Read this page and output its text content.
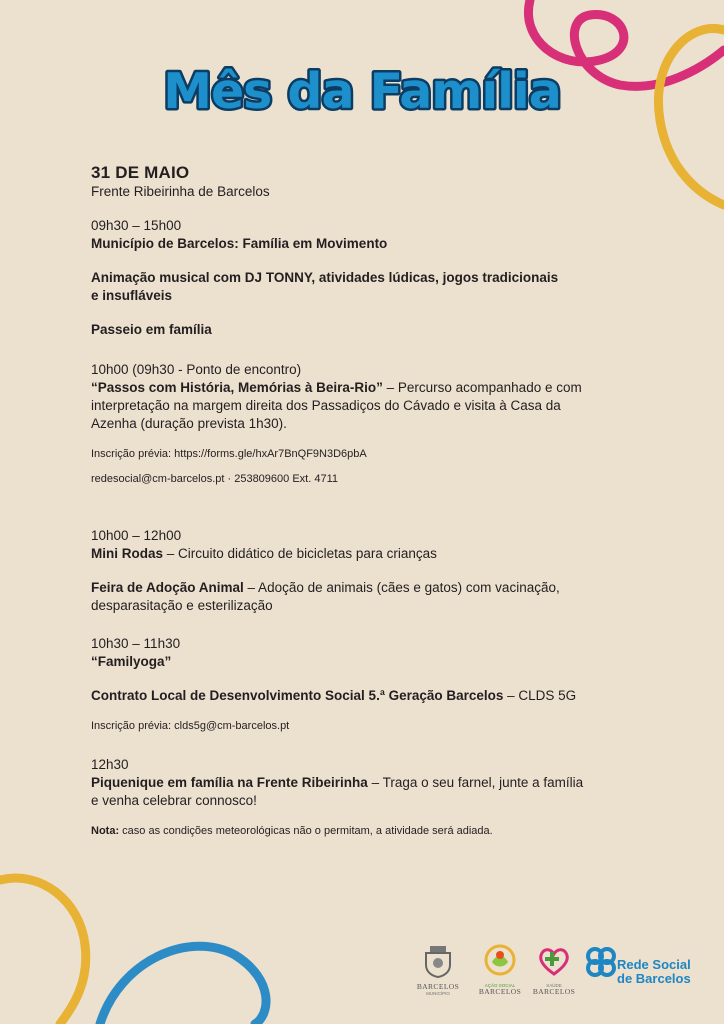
Mês da Família

31 DE MAIO

Frente Ribeirinha de Barcelos

09h30 – 15h00

Município de Barcelos: Família em Movimento

Animação musical com DJ TONNY, atividades lúdicas, jogos tradicionais
e insufláveis

Passeio em família

10h00 (09h30 - Ponto de encontro)

“Passos com História, Memórias à Beira-Rio” – Percurso acompanhado e com
interpretação na margem direita dos Passadiços do Cávado e visita à Casa da
Azenha (duração prevista 1h30).

Inscrição prévia: https://forms.gle/hxAr7BnQF9N3D6pbA

redesocial@cm-barcelos.pt · 253809600 Ext. 4711

10h00 – 12h00

Mini Rodas – Circuito didático de bicicletas para crianças

Feira de Adoção Animal – Adoção de animais (cães e gatos) com vacinação,
desparasitação e esterilização

10h30 – 11h30

“Familyoga”

Contrato Local de Desenvolvimento Social 5.ª Geração Barcelos – CLDS 5G

Inscrição prévia: clds5g@cm-barcelos.pt

12h30

Piquenique em família na Frente Ribeirinha – Traga o seu farnel, junte a família
e venha celebrar connosco!

Nota: caso as condições meteorológicas não o permitam, a atividade será adiada.

BARCELOS
MUNICÍPIO
AÇÃO SOCIAL
BARCELOS
SAÚDE
BARCELOS
Rede Social
de Barcelos
